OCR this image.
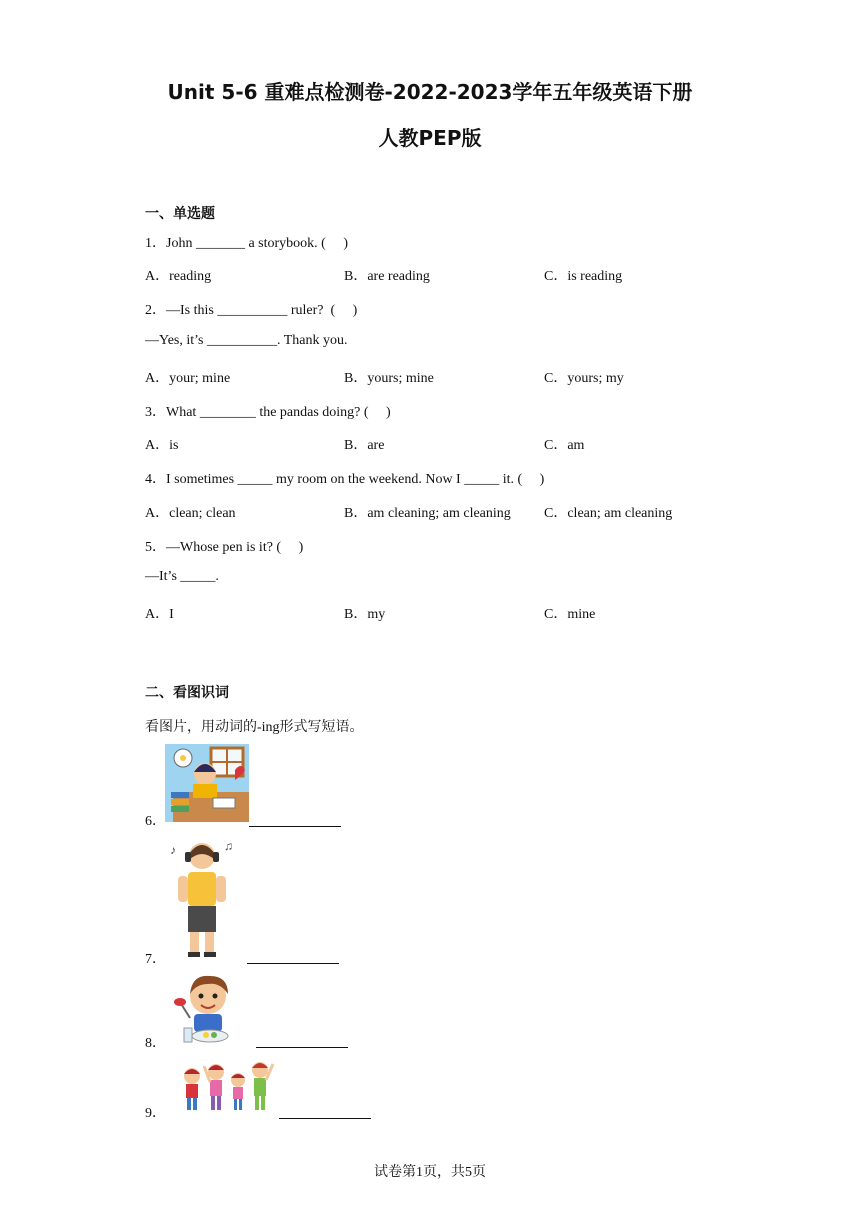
Unit 5-6 重难点检测卷-2022-2023学年五年级英语下册
人教PEP版
一、单选题
1．John _______ a storybook. (     )
A．reading	B．are reading	C．is reading
2．—Is this __________ ruler?  (     )
—Yes, it’s __________. Thank you.
A．your; mine	B．yours; mine	C．yours; my
3．What ________ the pandas doing? (     )
A．is	B．are	C．am
4．I sometimes _____ my room on the weekend. Now I _____ it. (     )
A．clean; clean	B．am cleaning; am cleaning C．clean; am cleaning
5．—Whose pen is it? (     )
—It’s _____.
A．I	B．my	C．mine
二、看图识词
看图片，用动词的-ing形式写短语。
6．
♪	♫
7．
8．
9．
试卷第1页，共5页
